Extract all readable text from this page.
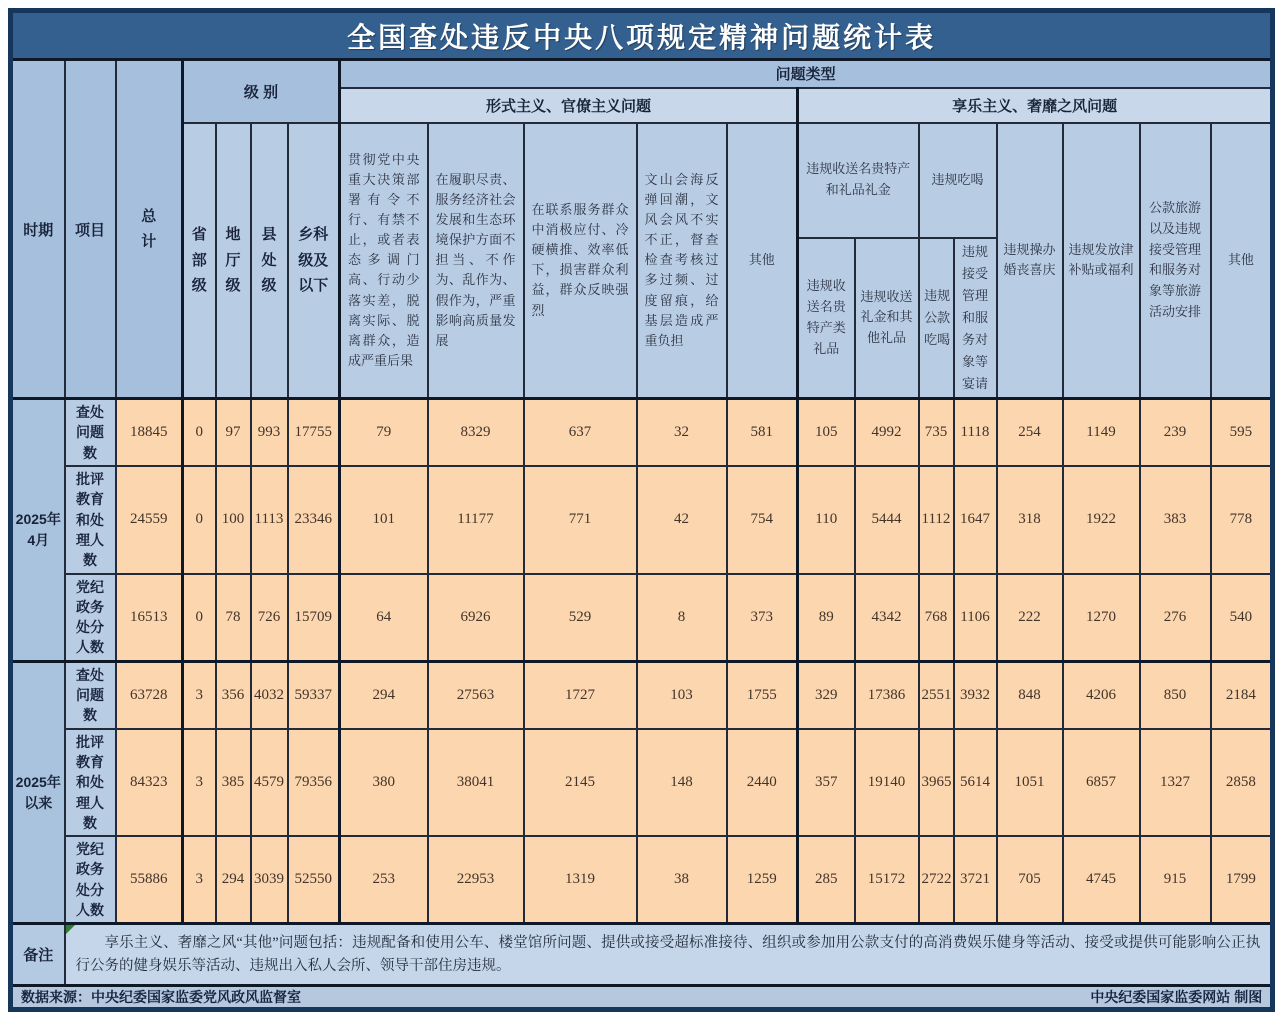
全国查处违反中央八项规定精神问题统计表																			
时期	项目	总计	级 别				问题类型												
							形式主义、官僚主义问题					享乐主义、奢靡之风问题							
			省部级	地厅级	县处级	乡科级及以下	贯彻党中央重大决策部署有令不行、有禁不止，或者表态多调门高、行动少落实差，脱离实际、脱离群众，造成严重后果	在履职尽责、服务经济社会发展和生态环境保护方面不担当、不作为、乱作为、假作为，严重影响高质量发展	在联系服务群众中消极应付、冷硬横推、效率低下，损害群众利益，群众反映强烈	文山会海反弹回潮，文风会风不实不正，督查检查考核过多过频、过度留痕，给基层造成严重负担	其他	违规收送名贵特产和礼品礼金		违规吃喝		违规操办婚丧喜庆	违规发放津补贴或福利	公款旅游以及违规接受管理和服务对象等旅游活动安排	其他
												违规收送名贵特产类礼品	违规收送礼金和其他礼品	违规公款吃喝	违规接受管理和服务对象等宴请				
2025年4月	查处问题数	18845	0	97	993	17755	79	8329	637	32	581	105	4992	735	1118	254	1149	239	595
	批评教育和处理人数	24559	0	100	1113	23346	101	11177	771	42	754	110	5444	1112	1647	318	1922	383	778
	党纪政务处分人数	16513	0	78	726	15709	64	6926	529	8	373	89	4342	768	1106	222	1270	276	540
2025年以来	查处问题数	63728	3	356	4032	59337	294	27563	1727	103	1755	329	17386	2551	3932	848	4206	850	2184
	批评教育和处理人数	84323	3	385	4579	79356	380	38041	2145	148	2440	357	19140	3965	5614	1051	6857	1327	2858
	党纪政务处分人数	55886	3	294	3039	52550	253	22953	1319	38	1259	285	15172	2722	3721	705	4745	915	1799
备注	享乐主义、奢靡之风“其他”问题包括：违规配备和使用公车、楼堂馆所问题、提供或接受超标准接待、组织或参加用公款支付的高消费娱乐健身等活动、接受或提供可能影响公正执行公务的健身娱乐等活动、违规出入私人会所、领导干部住房违规。																		

数据来源：中央纪委国家监委党风政风监督室 中央纪委国家监委网站 制图																			
